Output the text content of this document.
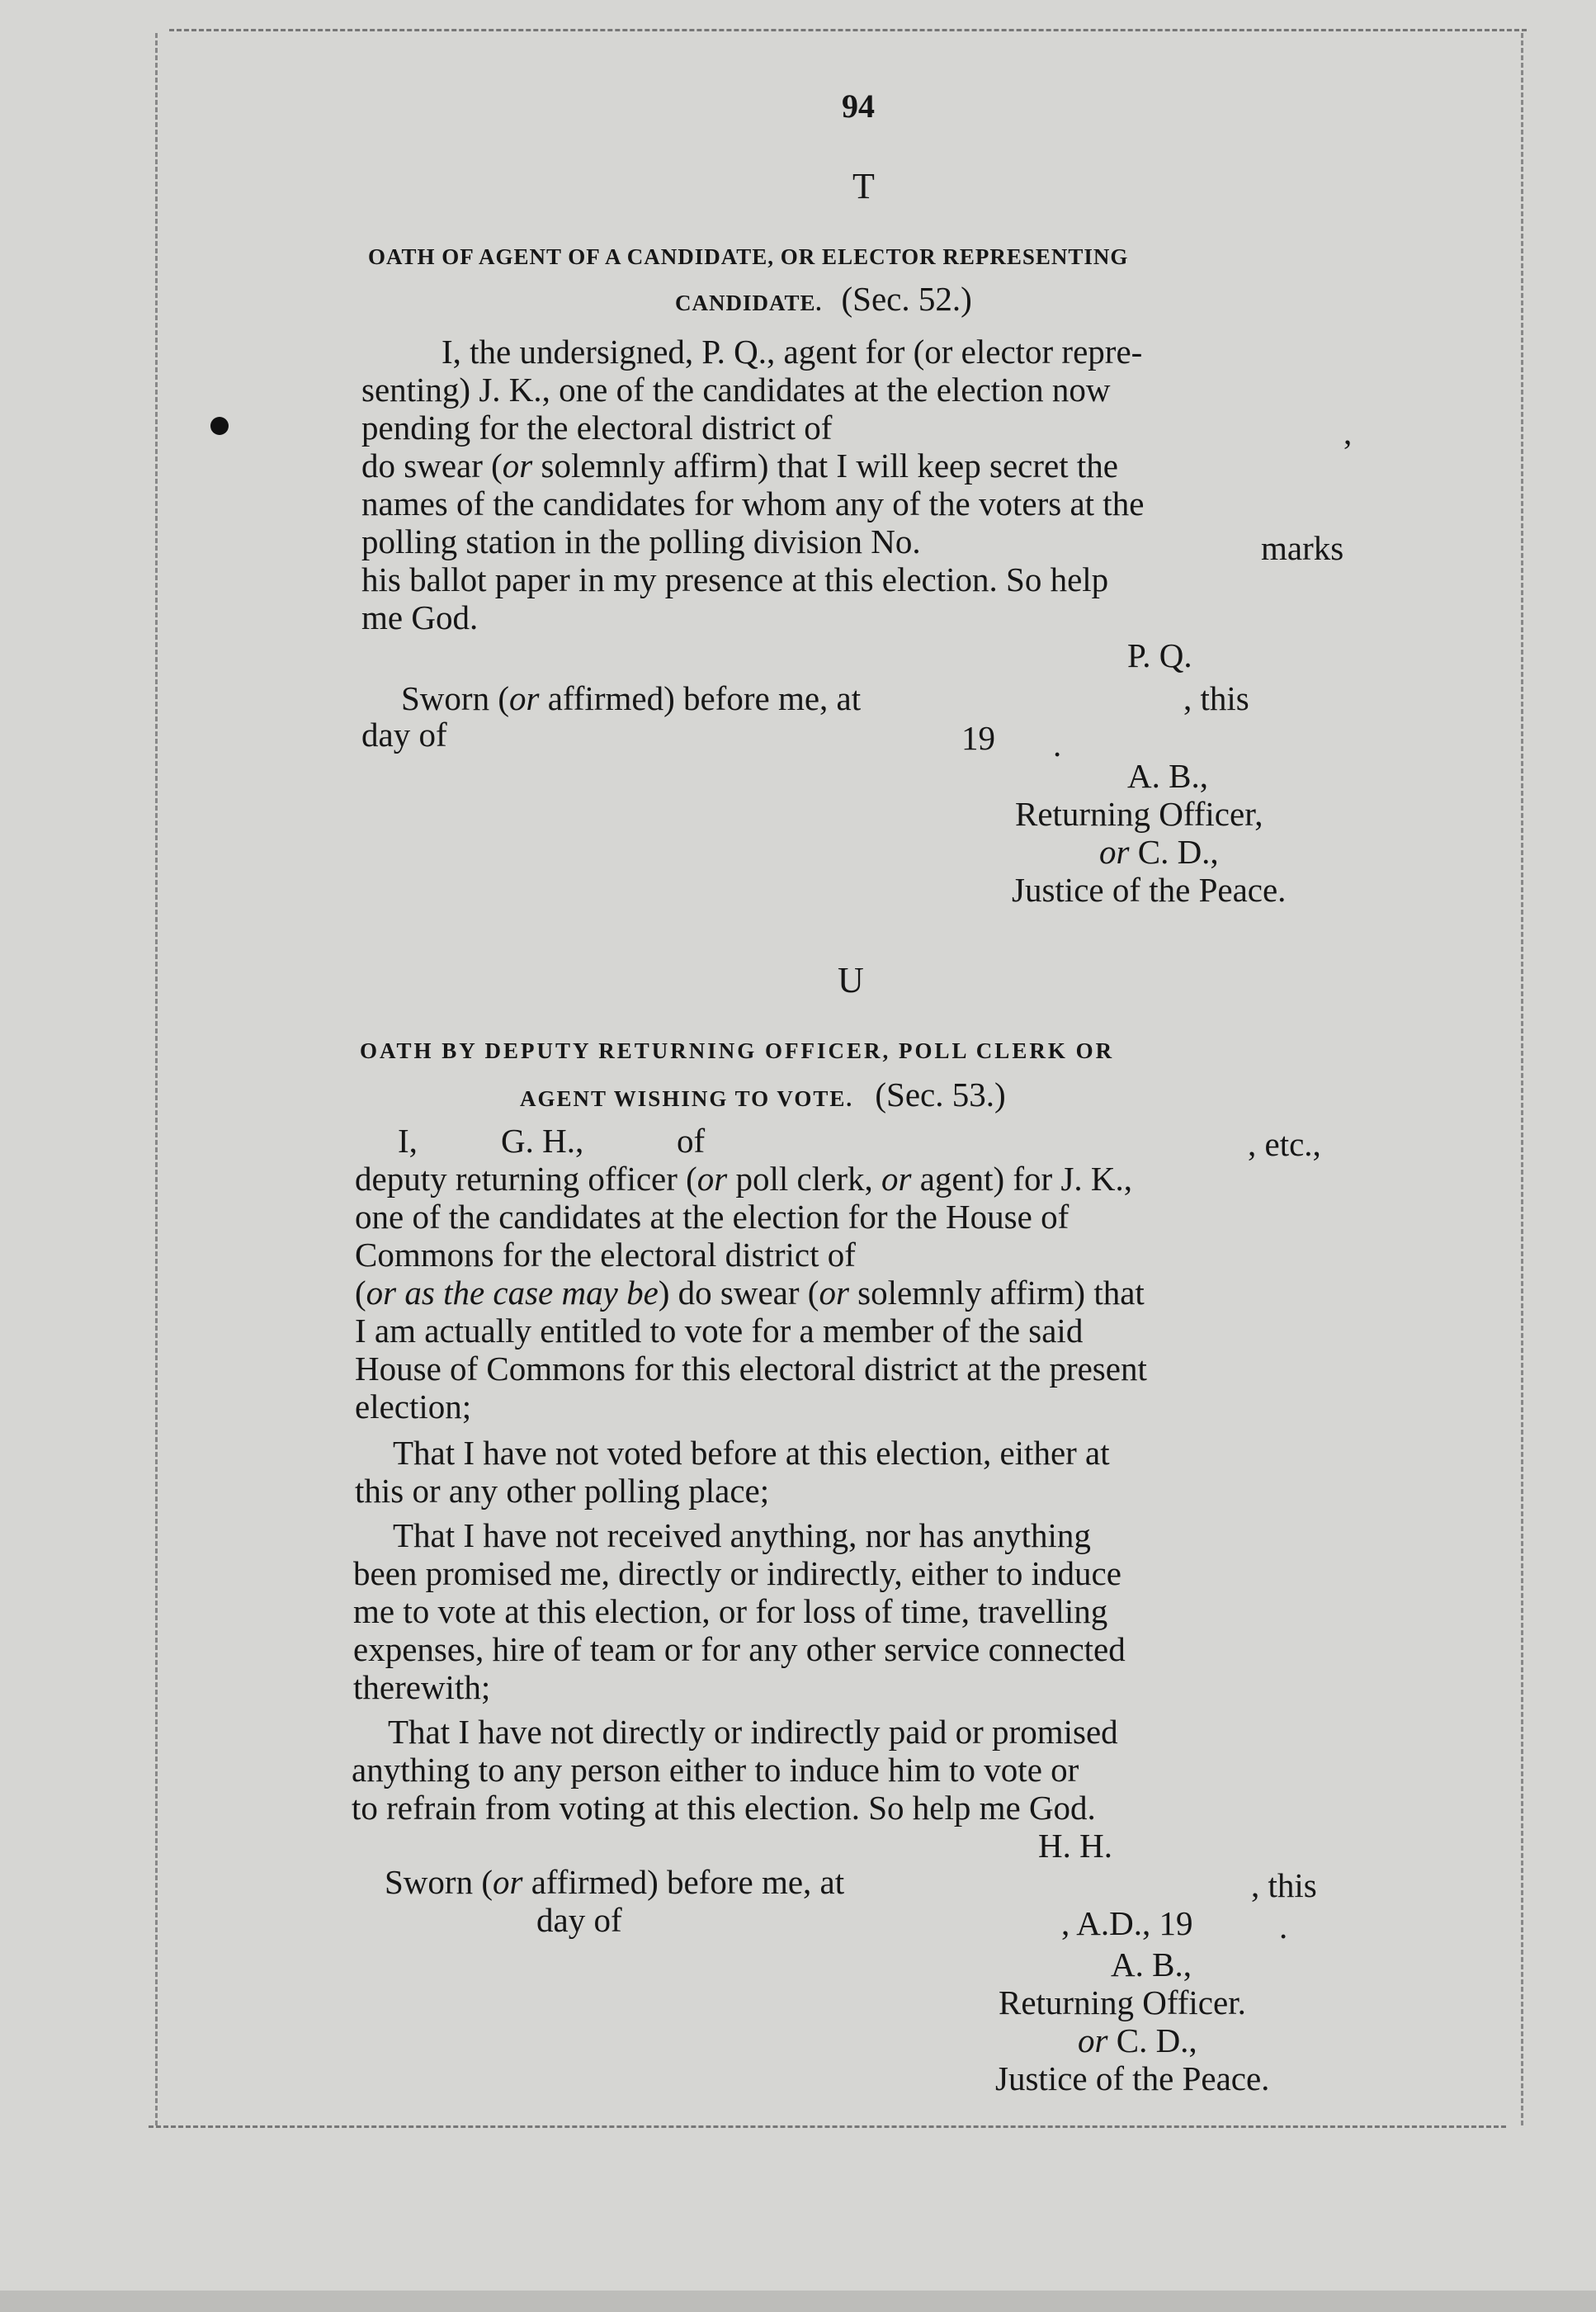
94
T
OATH OF AGENT OF A CANDIDATE, OR ELECTOR REPRESENTING
CANDIDATE. (Sec. 52.)
I, the undersigned, P. Q., agent for (or elector repre-
senting) J. K., one of the candidates at the election now
pending for the electoral district of	,
do swear (or solemnly affirm) that I will keep secret the
names of the candidates for whom any of the voters at the
polling station in the polling division No.	marks
his ballot paper in my presence at this election. So help
me God.
P. Q.
Sworn (or affirmed) before me, at	, this
day of	19 .
A. B.,
Returning Officer,
or C. D.,
Justice of the Peace.
U
OATH BY DEPUTY RETURNING OFFICER, POLL CLERK OR
AGENT WISHING TO VOTE. (Sec. 53.)
I, G. H.,	of	, etc.,
deputy returning officer (or poll clerk, or agent) for J. K.,
one of the candidates at the election for the House of
Commons for the electoral district of
(or as the case may be) do swear (or solemnly affirm) that
I am actually entitled to vote for a member of the said
House of Commons for this electoral district at the present
election;
That I have not voted before at this election, either at
this or any other polling place;
That I have not received anything, nor has anything
been promised me, directly or indirectly, either to induce
me to vote at this election, or for loss of time, travelling
expenses, hire of team or for any other service connected
therewith;
That I have not directly or indirectly paid or promised
anything to any person either to induce him to vote or
to refrain from voting at this election. So help me God.
H. H.
Sworn (or affirmed) before me, at	, this
day of	, A.D., 19	.
A. B.,
Returning Officer.
or C. D.,
Justice of the Peace.
